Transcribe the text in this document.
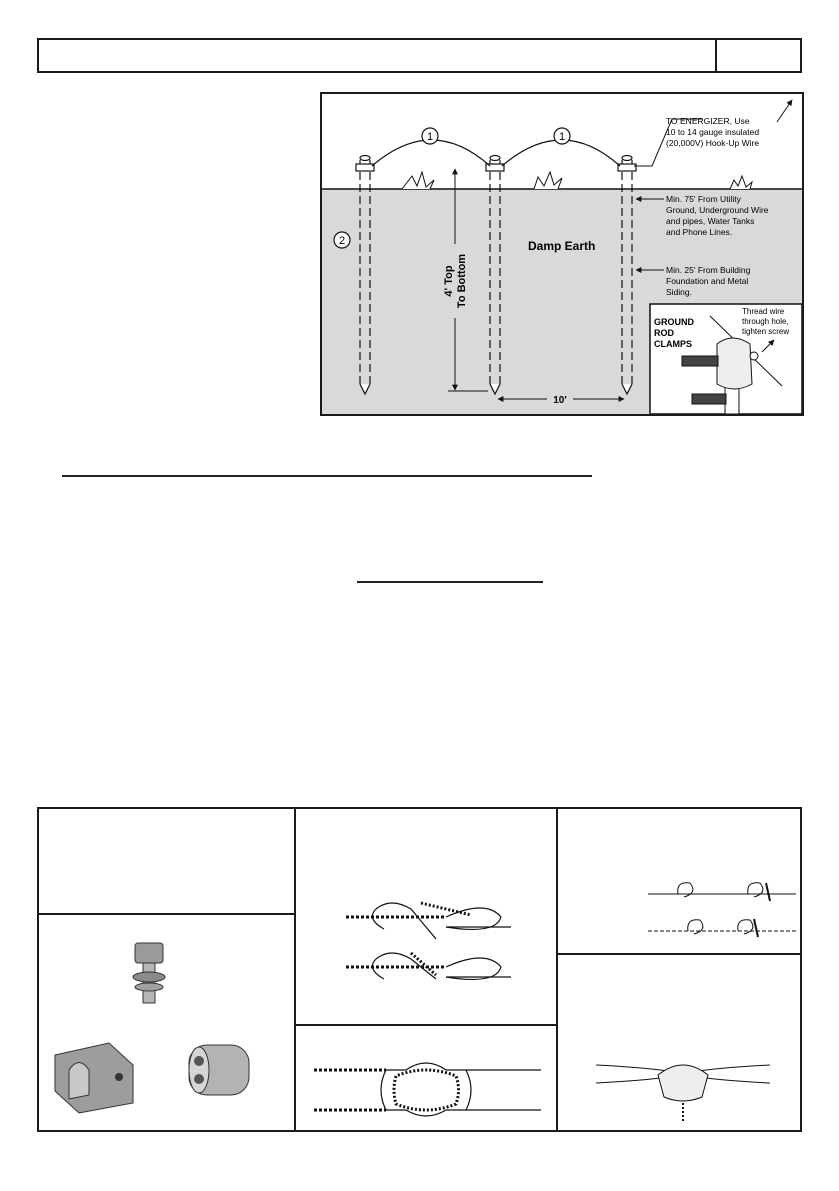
1	1
2
TO ENERGIZER, Use
10 to 14 gauge insulated
(20,000V) Hook-Up Wire
Min. 75' From Utility
Ground, Underground Wire
and pipes, Water Tanks
and Phone Lines.
Min. 25' From Building
Foundation and Metal
Siding.
Damp Earth
4' Top To Bottom
10'
GROUND
ROD
CLAMPS
Thread wire
through hole,
tighten screw
